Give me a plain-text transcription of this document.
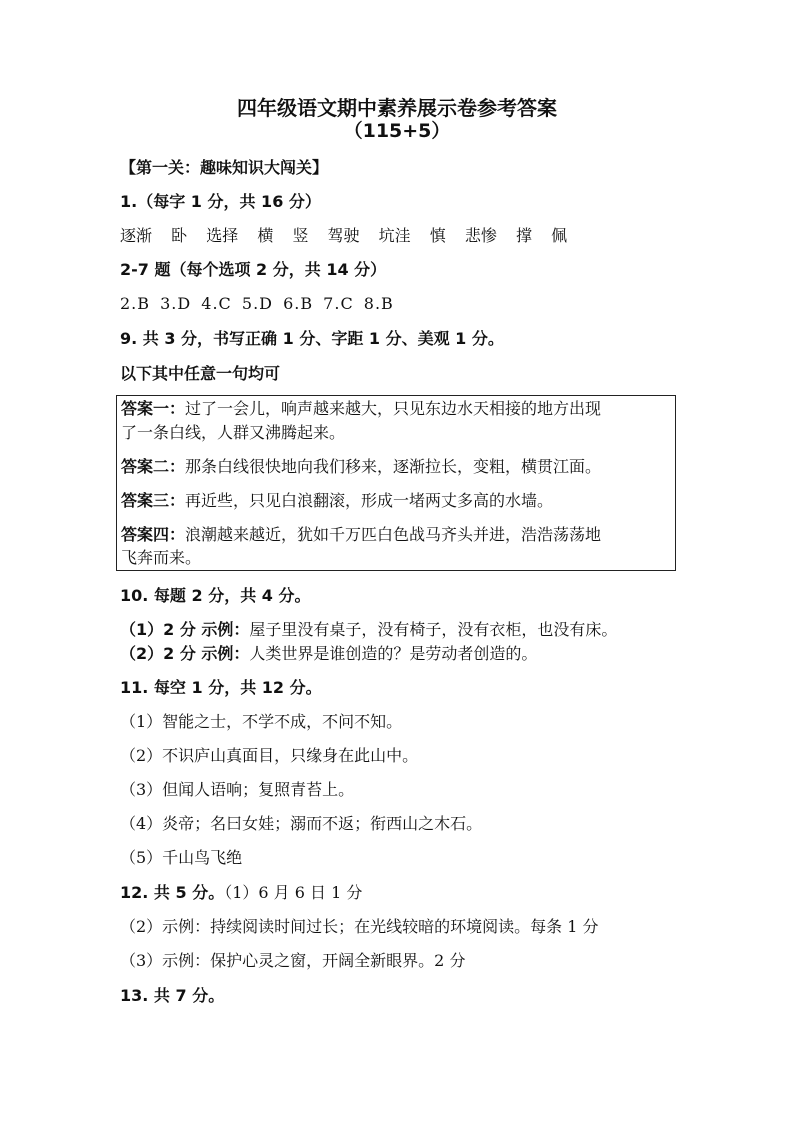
四年级语文期中素养展示卷参考答案
（115+5）
【第一关：趣味知识大闯关】
1.（每字 1 分，共 16 分）
逐渐 卧 选择 横 竖 驾驶 坑洼 慎 悲惨 撑 佩
2-7 题（每个选项 2 分，共 14 分）
2.B 3.D 4.C 5.D 6.B 7.C 8.B
9. 共 3 分，书写正确 1 分、字距 1 分、美观 1 分。
以下其中任意一句均可
答案一：过了一会儿，响声越来越大，只见东边水天相接的地方出现
了一条白线，人群又沸腾起来。
答案二：那条白线很快地向我们移来，逐渐拉长，变粗，横贯江面。
答案三：再近些，只见白浪翻滚，形成一堵两丈多高的水墙。
答案四：浪潮越来越近，犹如千万匹白色战马齐头并进，浩浩荡荡地
飞奔而来。
10. 每题 2 分，共 4 分。
（1）2 分 示例：屋子里没有桌子，没有椅子，没有衣柜，也没有床。
（2）2 分 示例：人类世界是谁创造的？是劳动者创造的。
11. 每空 1 分，共 12 分。
（1）智能之士，不学不成，不问不知。
（2）不识庐山真面目，只缘身在此山中。
（3）但闻人语响；复照青苔上。
（4）炎帝；名曰女娃；溺而不返；衔西山之木石。
（5）千山鸟飞绝
12. 共 5 分。（1）6 月 6 日 1 分
（2）示例：持续阅读时间过长；在光线较暗的环境阅读。每条 1 分
（3）示例：保护心灵之窗，开阔全新眼界。2 分
13. 共 7 分。
